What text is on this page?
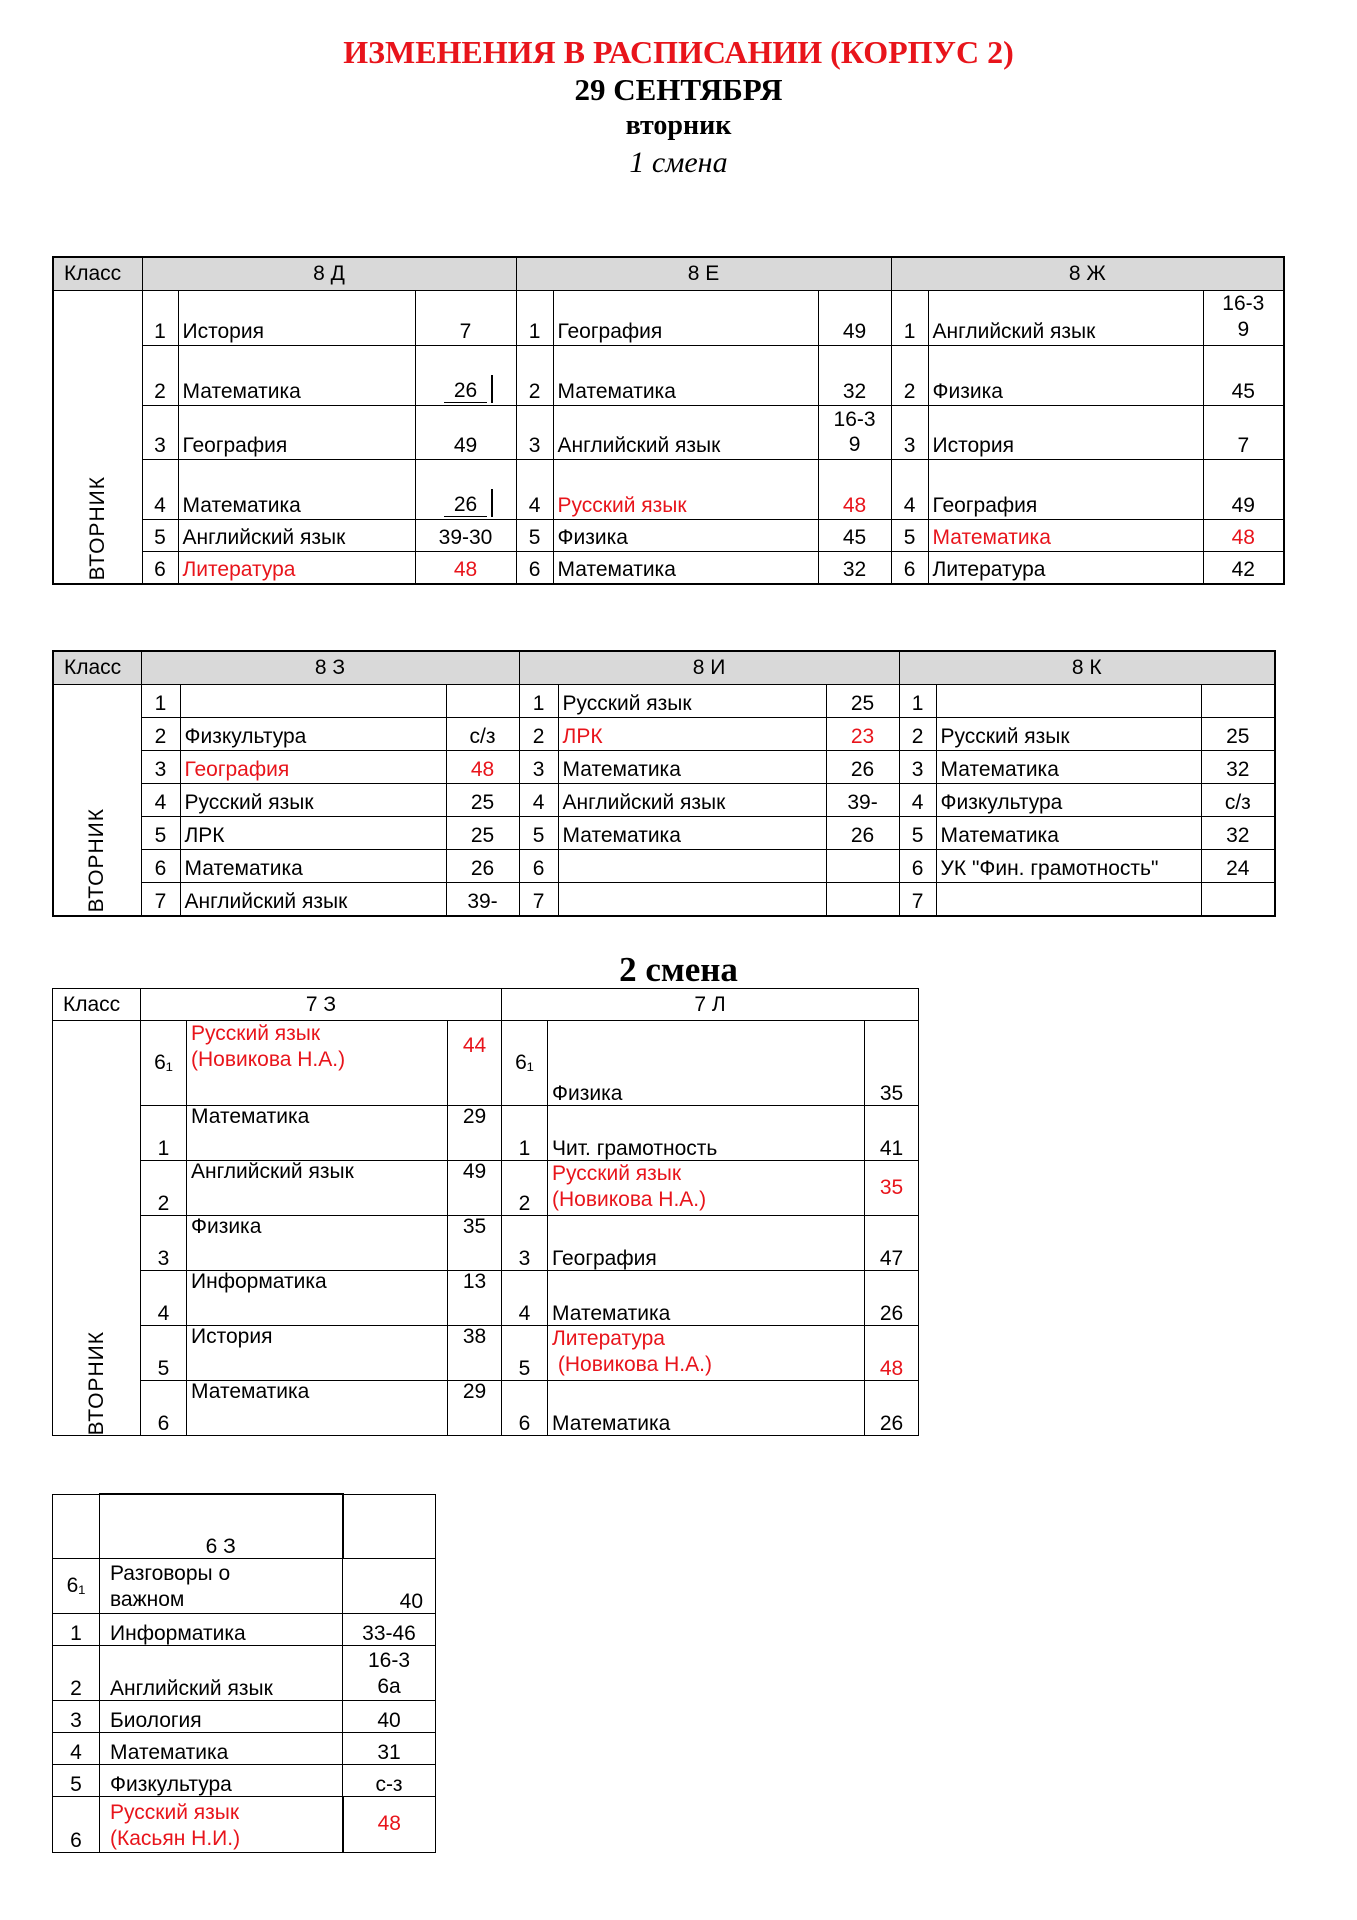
ИЗМЕНЕНИЯ В РАСПИСАНИИ (КОРПУС 2)
29 СЕНТЯБРЯ
вторник
1 смена
Класс	8 Д			8 Е			8 Ж		

ВТОРНИК	1	История	7	1	География	49	1	Английский язык	16-39

	2	Математика	26	2	Математика	32	2	Физика	45
	3	География	49	3	Английский язык	16-39	3	История	7
	4	Математика	26	4	Русский язык	48	4	География	49
	5	Английский язык	39-30	5	Физика	45	5	Математика	48
	6	Литература	48	6	Математика	32	6	Литература	42
Класс	8 З			8 И			8 К		

ВТОРНИК	1			1	Русский язык	25	1		
	2	Физкультура	с/з	2	ЛРК	23	2	Русский язык	25
	3	География	48	3	Математика	26	3	Математика	32
	4	Русский язык	25	4	Английский язык	39-	4	Физкультура	с/з
	5	ЛРК	25	5	Математика	26	5	Математика	32
	6	Математика	26	6			6	УК "Фин. грамотность"	24
	7	Английский язык	39-	7			7		
2 смена
Класс	7 З			7 Л		

ВТОРНИК	6₁	Русский язык
(Новикова Н.А.)	44	6₁	Физика	35
	1	Математика	29	1	Чит. грамотность	41
	2	Английский язык	49	2	Русский язык
(Новикова Н.А.)	35
	3	Физика	35	3	География	47
	4	Информатика	13	4	Математика	26
	5	История	38	5	Литература
(Новикова Н.А.)	48
	6	Математика	29	6	Математика	26
	6 З	
6₁	Разговоры о
важном	40
1	Информатика	33-46
2	Английский язык	16-36а

3	Биология	40
4	Математика	31
5	Физкультура	с-з
6	Русский язык
(Касьян Н.И.)	48
